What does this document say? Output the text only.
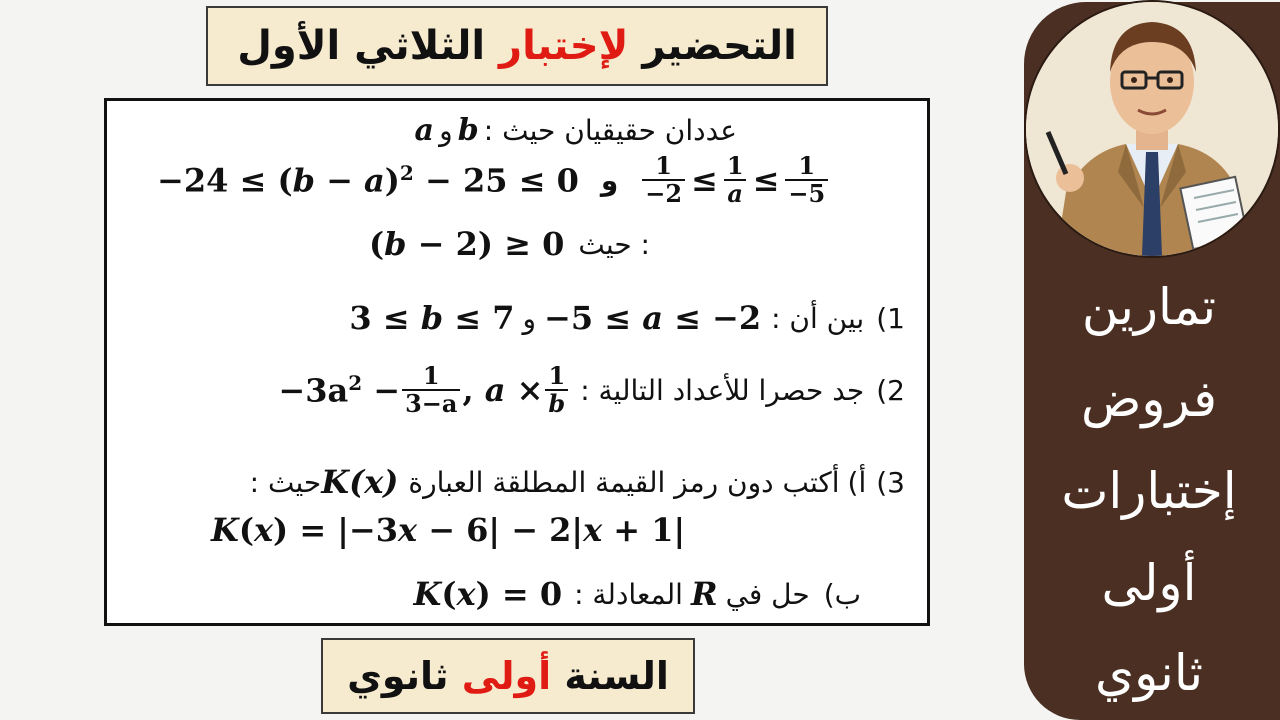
التحضير

لإختبار

الثلاثي الأول
عددان حقيقيان حيث : b و a
$-24 \le (b - a)^2 - 25 \le 0$ و $\frac{1}{-2} \le \frac{1}{a} \le \frac{1}{-5}$
(b − 2) ≥ 0 حيث :
1)
بين أن :
−5 ≤ a ≤ −2
و
3 ≤ b ≤ 7
2)
جد حصرا للأعداد التالية :
$-3a^2 - \frac{1}{3-a}$ , $a \times \frac{1}{b}$
3)
أ)
أكتب دون رمز القيمة المطلقة العبارة
K(x)
حيث :
K(x) = |−3x − 6| − 2|x + 1|
ب)
حل في
R
المعادلة :
K(x) = 0
السنة

أولى

ثانوي
تمارين
فروض
إختبارات
أولى
ثانوي
